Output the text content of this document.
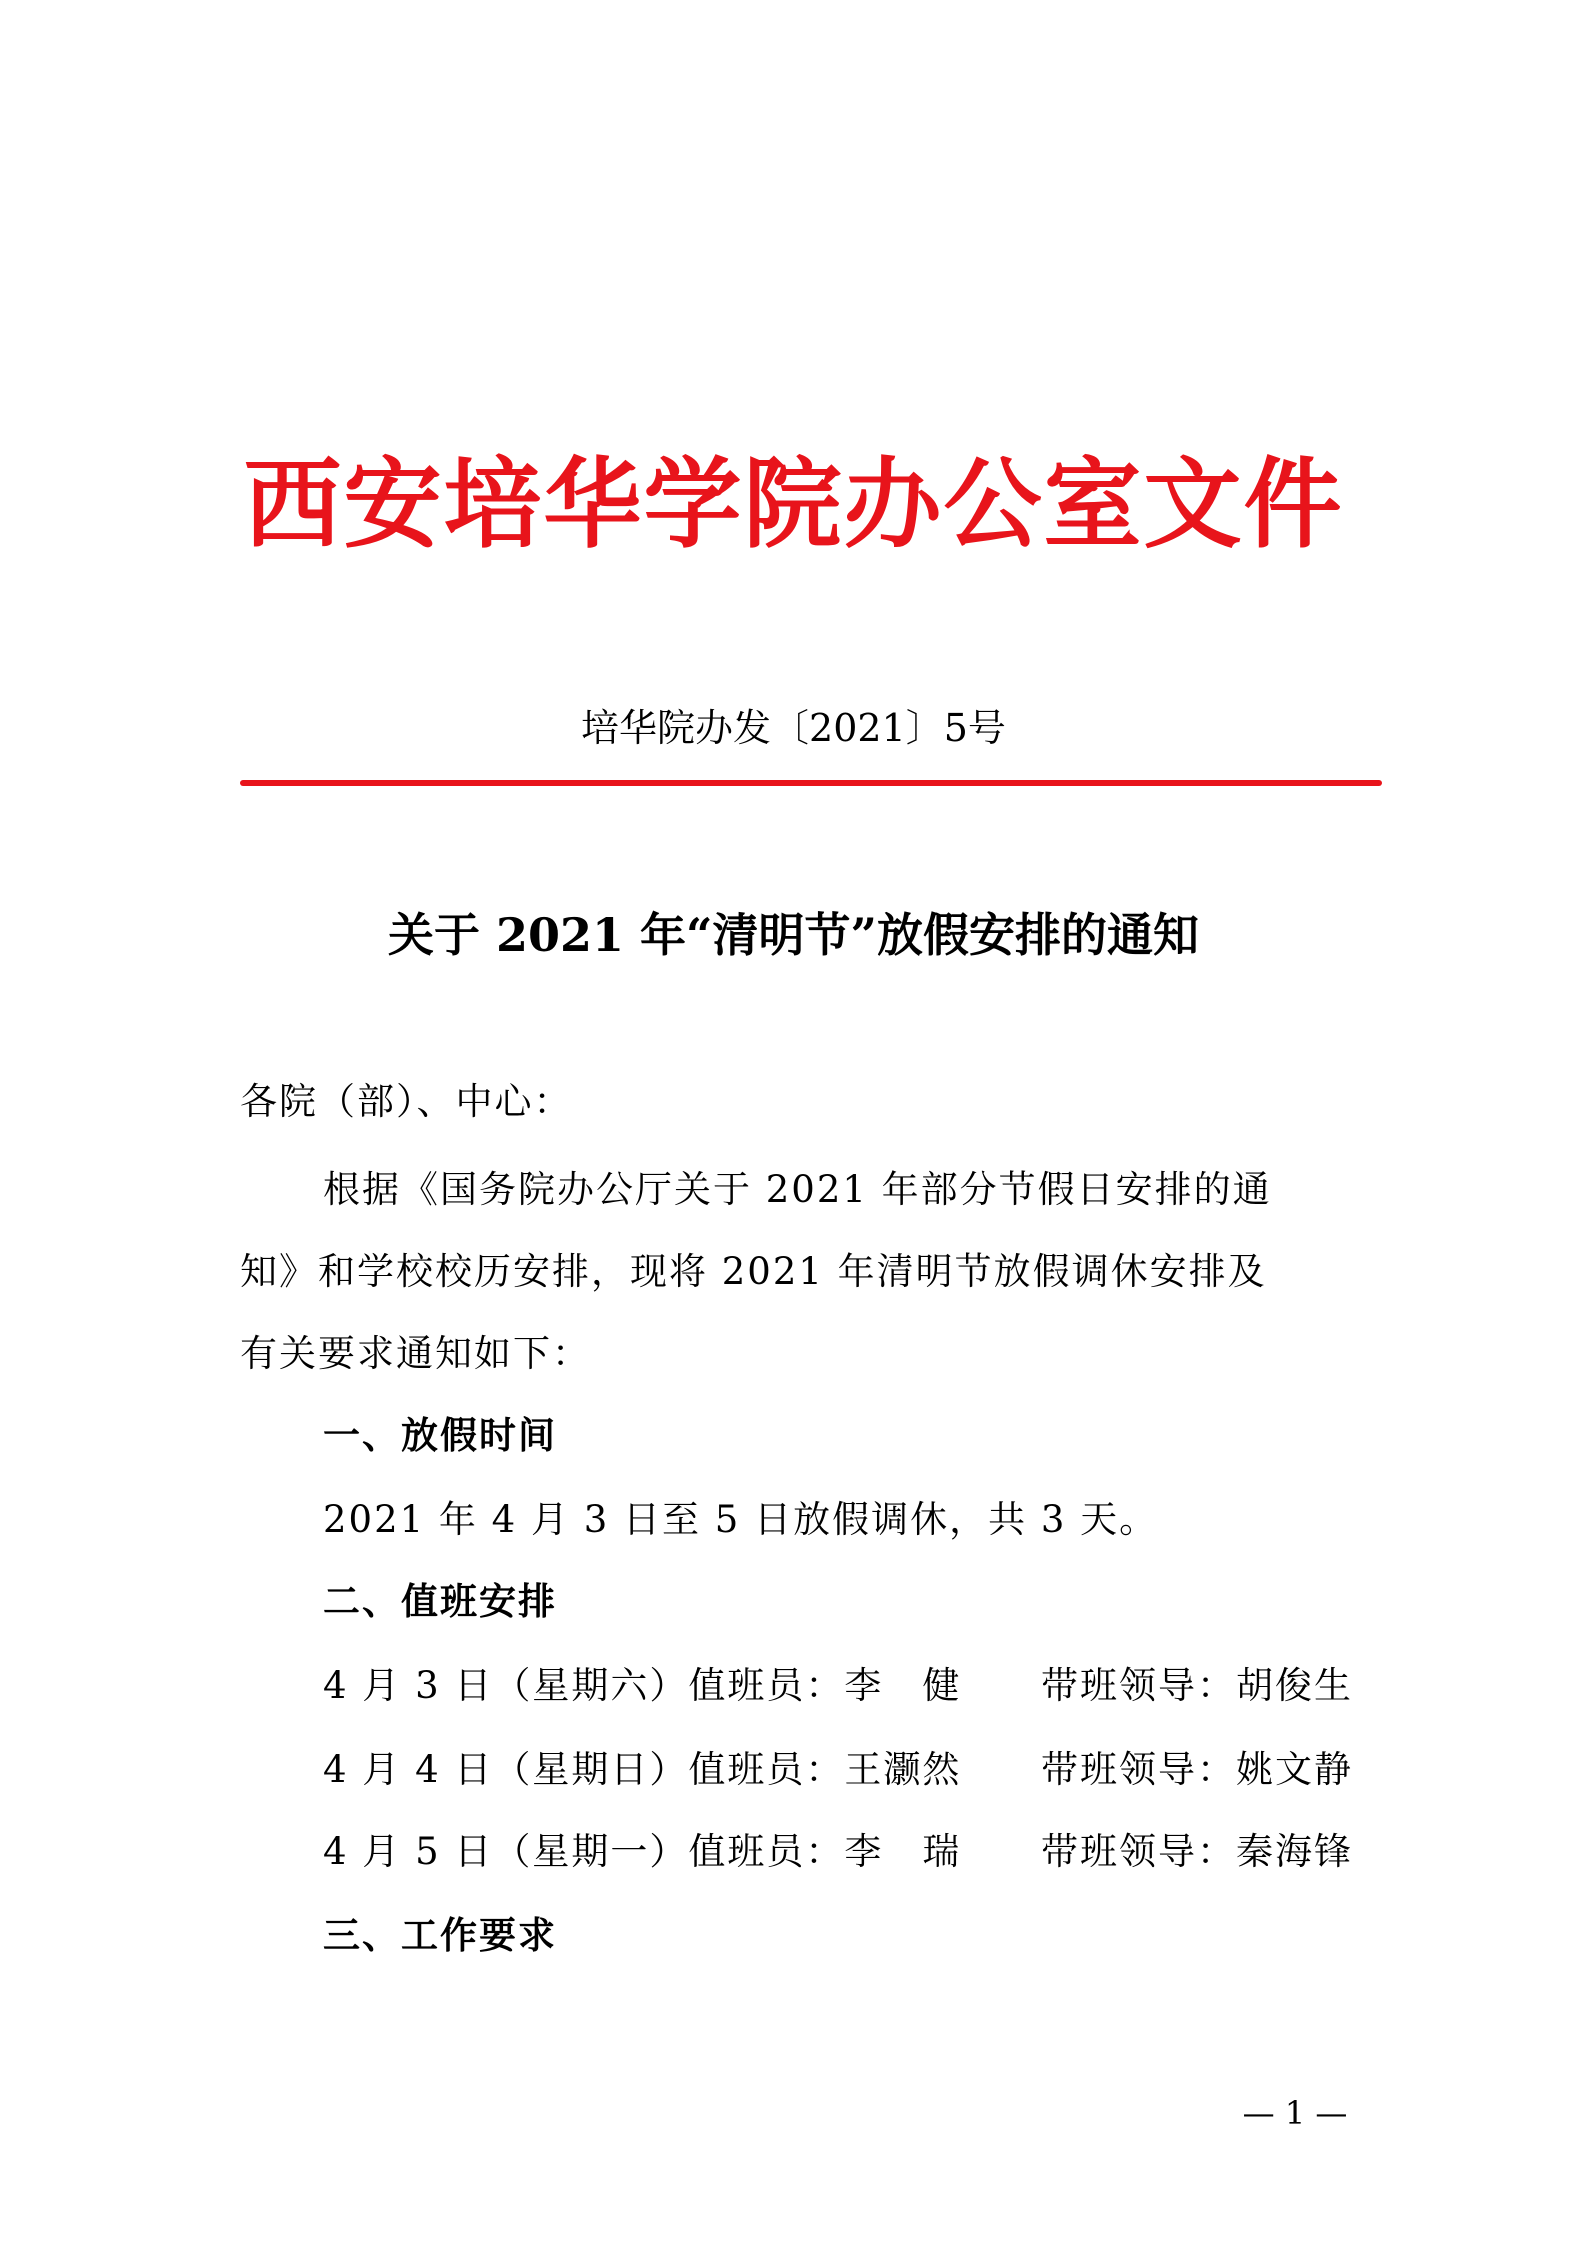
西安培华学院办公室文件
培华院办发〔2021〕5号
关于 2021 年“清明节”放假安排的通知
各院（部）、中心：
根据《国务院办公厅关于 2021 年部分节假日安排的通
知》和学校校历安排，现将 2021 年清明节放假调休安排及
有关要求通知如下：
一、放假时间
2021 年 4 月 3 日至 5 日放假调休，共 3 天。
二、值班安排
4 月 3 日（星期六）值班员：李　健 带班领导：胡俊生
4 月 4 日（星期日）值班员：王灏然 带班领导：姚文静
4 月 5 日（星期一）值班员：李　瑞 带班领导：秦海锋
三、工作要求
— 1 —
